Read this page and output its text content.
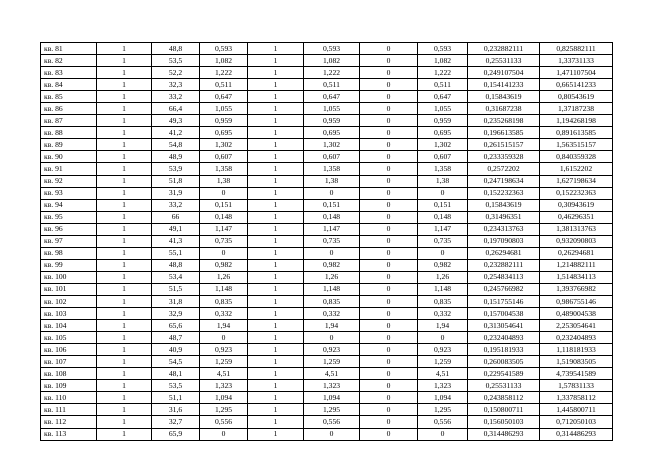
кв. 81	1	48,8	0,593	1	0,593	0	0,593	0,232882111	0,825882111
кв. 82	1	53,5	1,082	1	1,082	0	1,082	0,25531133	1,33731133
кв. 83	1	52,2	1,222	1	1,222	0	1,222	0,249107504	1,471107504
кв. 84	1	32,3	0,511	1	0,511	0	0,511	0,154141233	0,665141233
кв. 85	1	33,2	0,647	1	0,647	0	0,647	0,15843619	0,80543619
кв. 86	1	66,4	1,055	1	1,055	0	1,055	0,31687238	1,37187238
кв. 87	1	49,3	0,959	1	0,959	0	0,959	0,235268198	1,194268198
кв. 88	1	41,2	0,695	1	0,695	0	0,695	0,196613585	0,891613585
кв. 89	1	54,8	1,302	1	1,302	0	1,302	0,261515157	1,563515157
кв. 90	1	48,9	0,607	1	0,607	0	0,607	0,233359328	0,840359328
кв. 91	1	53,9	1,358	1	1,358	0	1,358	0,2572202	1,6152202
кв. 92	1	51,8	1,38	1	1,38	0	1,38	0,247198634	1,627198634
кв. 93	1	31,9	0	1	0	0	0	0,152232363	0,152232363
кв. 94	1	33,2	0,151	1	0,151	0	0,151	0,15843619	0,30943619
кв. 95	1	66	0,148	1	0,148	0	0,148	0,31496351	0,46296351
кв. 96	1	49,1	1,147	1	1,147	0	1,147	0,234313763	1,381313763
кв. 97	1	41,3	0,735	1	0,735	0	0,735	0,197090803	0,932090803
кв. 98	1	55,1	0	1	0	0	0	0,26294681	0,26294681
кв. 99	1	48,8	0,982	1	0,982	0	0,982	0,232882111	1,214882111
кв. 100	1	53,4	1,26	1	1,26	0	1,26	0,254834113	1,514834113
кв. 101	1	51,5	1,148	1	1,148	0	1,148	0,245766982	1,393766982
кв. 102	1	31,8	0,835	1	0,835	0	0,835	0,151755146	0,986755146
кв. 103	1	32,9	0,332	1	0,332	0	0,332	0,157004538	0,489004538
кв. 104	1	65,6	1,94	1	1,94	0	1,94	0,313054641	2,253054641
кв. 105	1	48,7	0	1	0	0	0	0,232404893	0,232404893
кв. 106	1	40,9	0,923	1	0,923	0	0,923	0,195181933	1,118181933
кв. 107	1	54,5	1,259	1	1,259	0	1,259	0,260083505	1,519083505
кв. 108	1	48,1	4,51	1	4,51	0	4,51	0,229541589	4,739541589
кв. 109	1	53,5	1,323	1	1,323	0	1,323	0,25531133	1,57831133
кв. 110	1	51,1	1,094	1	1,094	0	1,094	0,243858112	1,337858112
кв. 111	1	31,6	1,295	1	1,295	0	1,295	0,150800711	1,445800711
кв. 112	1	32,7	0,556	1	0,556	0	0,556	0,156050103	0,712050103
кв. 113	1	65,9	0	1	0	0	0	0,314486293	0,314486293
